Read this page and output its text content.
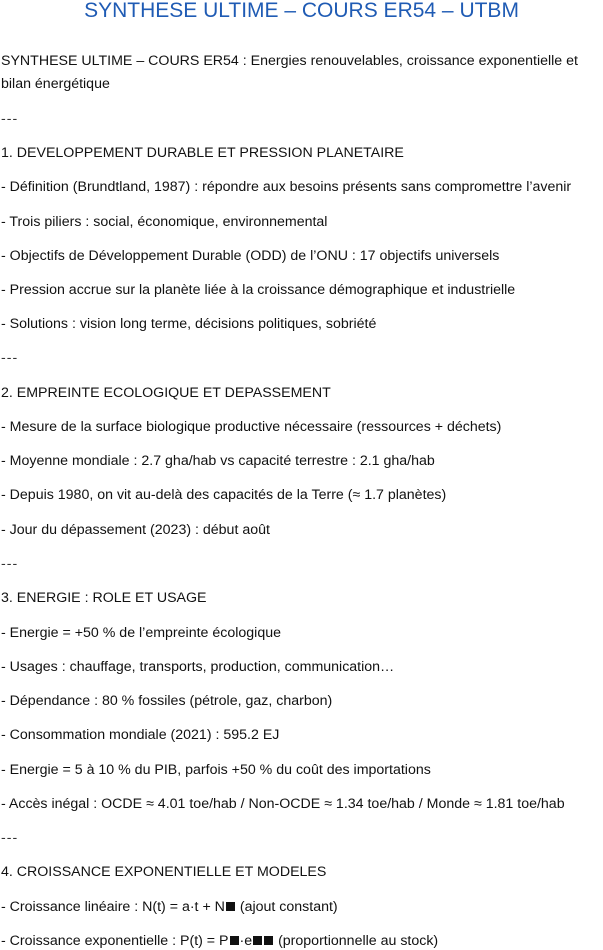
SYNTHESE ULTIME – COURS ER54 – UTBM

SYNTHESE ULTIME – COURS ER54 : Energies renouvelables, croissance exponentielle et bilan énergétique

---

1. DEVELOPPEMENT DURABLE ET PRESSION PLANETAIRE

- Définition (Brundtland, 1987) : répondre aux besoins présents sans compromettre l’avenir

- Trois piliers : social, économique, environnemental

- Objectifs de Développement Durable (ODD) de l’ONU : 17 objectifs universels

- Pression accrue sur la planète liée à la croissance démographique et industrielle

- Solutions : vision long terme, décisions politiques, sobriété

---

2. EMPREINTE ECOLOGIQUE ET DEPASSEMENT

- Mesure de la surface biologique productive nécessaire (ressources + déchets)

- Moyenne mondiale : 2.7 gha/hab vs capacité terrestre : 2.1 gha/hab

- Depuis 1980, on vit au-delà des capacités de la Terre (≈ 1.7 planètes)

- Jour du dépassement (2023) : début août

---

3. ENERGIE : ROLE ET USAGE

- Energie = +50 % de l’empreinte écologique

- Usages : chauffage, transports, production, communication…

- Dépendance : 80 % fossiles (pétrole, gaz, charbon)

- Consommation mondiale (2021) : 595.2 EJ

- Energie = 5 à 10 % du PIB, parfois +50 % du coût des importations

- Accès inégal : OCDE ≈ 4.01 toe/hab / Non-OCDE ≈ 1.34 toe/hab / Monde ≈ 1.81 toe/hab

---

4. CROISSANCE EXPONENTIELLE ET MODELES

- Croissance linéaire : N(t) = a·t + N (ajout constant)

- Croissance exponentielle : P(t) = P ·e (proportionnelle au stock)
